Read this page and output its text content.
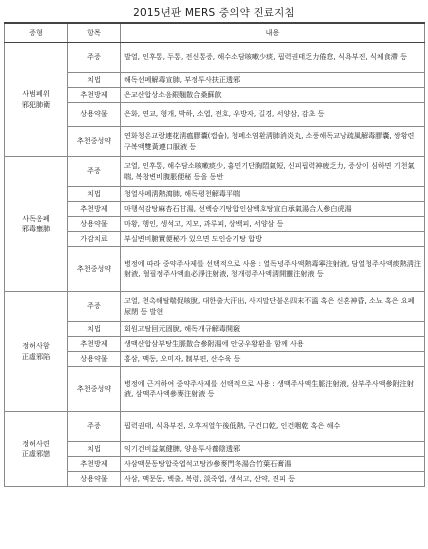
2015년판 MERS 중의약 진료지침
증형	항목	내용

사범폐위
邪犯肺衛	주증	발열, 인후통, 두통, 전신통증, 해수소담咳嗽少痰, 핍력권태乏力倦怠, 식욕부진, 식체食滯 등
	치법	해독선폐解毒宣肺, 부정투사扶正透邪
	추천방제	은교산합상소음銀翹散合桑蘇飮
	상용약물	은화, 연교, 형개, 박하, 소엽, 전호, 우방자, 길경, 서양삼, 감초 등
	추천중성약	연화청온교랑連花淸瘟膠囊(캡슐), 청폐소염환淸肺消炎丸, 소풍해독교낭疏風解毒膠囊, 쌍황련구복액雙黃連口服液 등

사독옹폐
邪毒壅肺	주증	고열, 인후통, 해수담소咳嗽痰少, 흉민기단胸悶氣短, 신피핍력神疲乏力, 증상이 심하면 기천氣喘, 복창변비腹脹便秘 등을 동반
	치법	청열사폐淸熱瀉肺, 해독평천解毒平喘
	추천방제	마행석감탕麻杏石甘湯, 선백승기탕합인삼백호탕宣白承氣湯合人參白虎湯
	상용약물	마황, 행인, 생석고, 지모, 과루피, 상백피, 서양삼 등
	가감치료	부실변비腑實便秘가 있으면 도인승기탕 합방
	추천중성약	병정에 따라 중약주사제를 선택적으로 사용 : 열독녕주사액熱毒寧注射液, 담열청주사액痰熱淸注射液, 혈필정주사액血必淨注射液, 청개령주사액淸開靈注射液 등

정허사함
正虛邪陷	주증	고열, 천촉해탈喘促咳脫, 대한출大汗出, 사지말단불온四末不溫 혹은 신혼神昏, 소뇨 혹은 요폐尿閉 등 발현
	치법	회원고탈回元固脫, 해독개규解毒開竅
	추천방제	생맥산합삼부탕生脈散合參附湯에 안궁우황환을 함께 사용
	상용약물	홍삼, 맥동, 오미자, 制부편, 산수육 등
	추천중성약	병정에 근거하여 중약주사제를 선택적으로 사용 : 생맥주사액生脈注射液, 삼부주사액參附注射液, 삼맥주사액參麥注射液 등

정허사련
正虛邪戀	주증	핍력권태, 식욕부진, 오후저열午後低熱, 구건口乾, 인건咽乾 혹은 해수
	치법	익기건비益氣健脾, 양음투사養陰透邪
	추천방제	사삼맥문동탕합죽엽석고탕沙參麥門冬湯合竹葉石膏湯
	상용약물	사삼, 맥문동, 백출, 복령, 淡죽엽, 생석고, 산약, 진피 등
